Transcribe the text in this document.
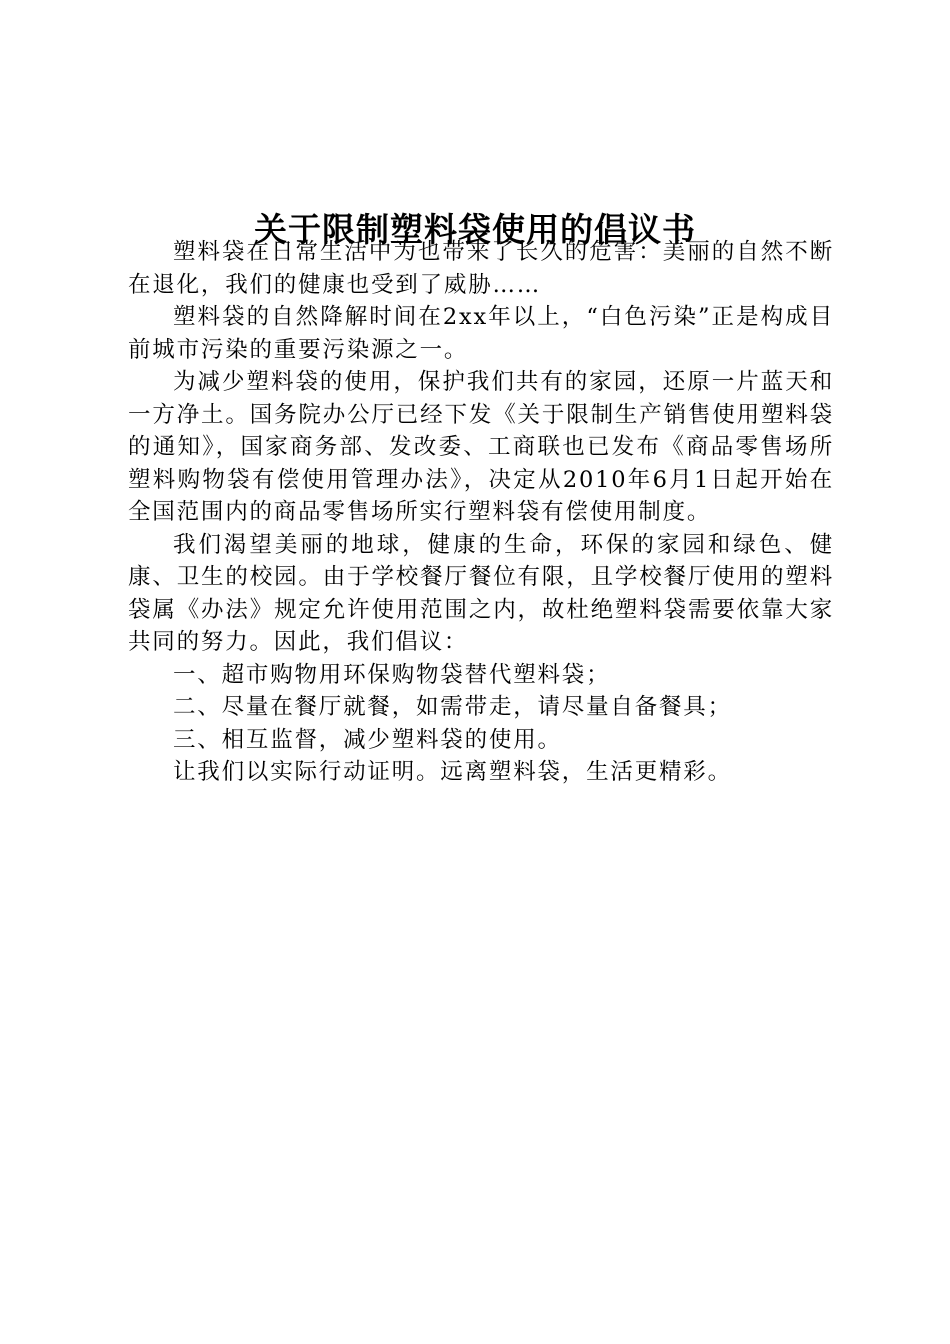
关于限制塑料袋使用的倡议书

塑料袋在日常生活中为也带来了长久的危害：美丽的自然不断在退化，我们的健康也受到了威胁……

塑料袋的自然降解时间在2xx年以上，“白色污染”正是构成目前城市污染的重要污染源之一。

为减少塑料袋的使用，保护我们共有的家园，还原一片蓝天和一方净土。国务院办公厅已经下发《关于限制生产销售使用塑料袋的通知》，国家商务部、发改委、工商联也已发布《商品零售场所塑料购物袋有偿使用管理办法》，决定从2010年6月1日起开始在全国范围内的商品零售场所实行塑料袋有偿使用制度。

我们渴望美丽的地球，健康的生命，环保的家园和绿色、健康、卫生的校园。由于学校餐厅餐位有限，且学校餐厅使用的塑料袋属《办法》规定允许使用范围之内，故杜绝塑料袋需要依靠大家共同的努力。因此，我们倡议：

一、超市购物用环保购物袋替代塑料袋；

二、尽量在餐厅就餐，如需带走，请尽量自备餐具；

三、相互监督，减少塑料袋的使用。

让我们以实际行动证明。远离塑料袋，生活更精彩。
